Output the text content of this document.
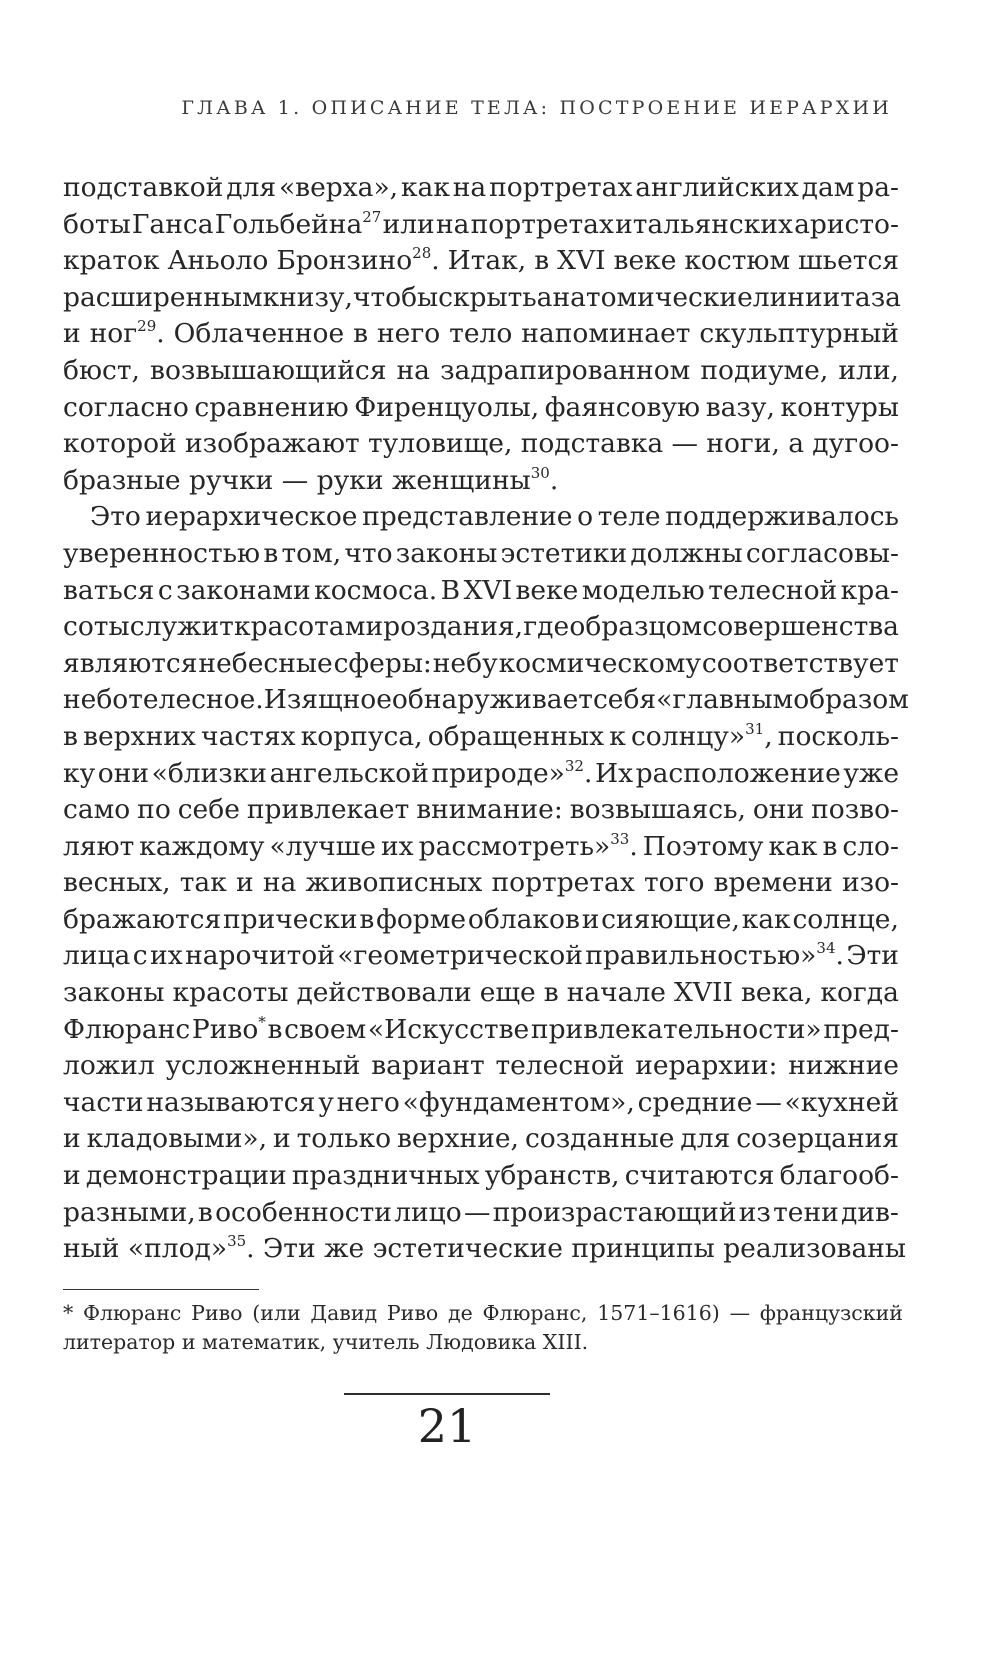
ГЛАВА 1. ОПИСАНИЕ ТЕЛА: ПОСТРОЕНИЕ ИЕРАРХИИ
подставкой для «верха», как на портретах английских дам ра-
боты Ганса Гольбейна$^{27}$ или на портретах итальянских аристо-
краток Аньоло Бронзино$^{28}$. Итак, в XVI веке костюм шьется
расширенным книзу, чтобы скрыть анатомические линии таза
и ног$^{29}$. Облаченное в него тело напоминает скульптурный
бюст, возвышающийся на задрапированном подиуме, или,
согласно сравнению Фиренцуолы, фаянсовую вазу, контуры
которой изображают туловище, подставка — ноги, а дугоо-
бразные
ручки
—
руки
женщины$^{30}$.
Это иерархическое представление о теле поддерживалось
уверенностью в том, что законы эстетики должны согласовы-
ваться с законами космоса. В XVI веке моделью телесной кра-
соты служит красота мироздания, где образцом совершенства
являются небесные сферы: небу космическому соответствует
небо телесное. Изящное обнаруживает себя «главным образом
в верхних частях корпуса, обращенных к солнцу»$^{31}$, посколь-
ку они «близки ангельской природе»$^{32}$. Их расположение уже
само по себе привлекает внимание: возвышаясь, они позво-
ляют каждому «лучше их рассмотреть»$^{33}$. Поэтому как в сло-
весных, так и на живописных портретах того времени изо-
бражаются прически в форме облаков и сияющие, как солнце,
лица с их нарочитой «геометрической правильностью»$^{34}$. Эти
законы красоты действовали еще в начале XVII века, когда
Флюранс Риво* в своем «Искусстве привлекательности» пред-
ложил усложненный вариант телесной иерархии: нижние
части называются у него «фундаментом», средние — «кухней
и кладовыми», и только верхние, созданные для созерцания
и демонстрации праздничных убранств, считаются благооб-
разными, в особенности лицо — произрастающий из тени див-
ный
«плод»$^{35}$.
Эти
же
эстетические
принципы
реализованы
* Флюранс Риво (или Давид Риво де Флюранс, 1571–1616) — французский
литератор и математик, учитель Людовика XIII.
21
